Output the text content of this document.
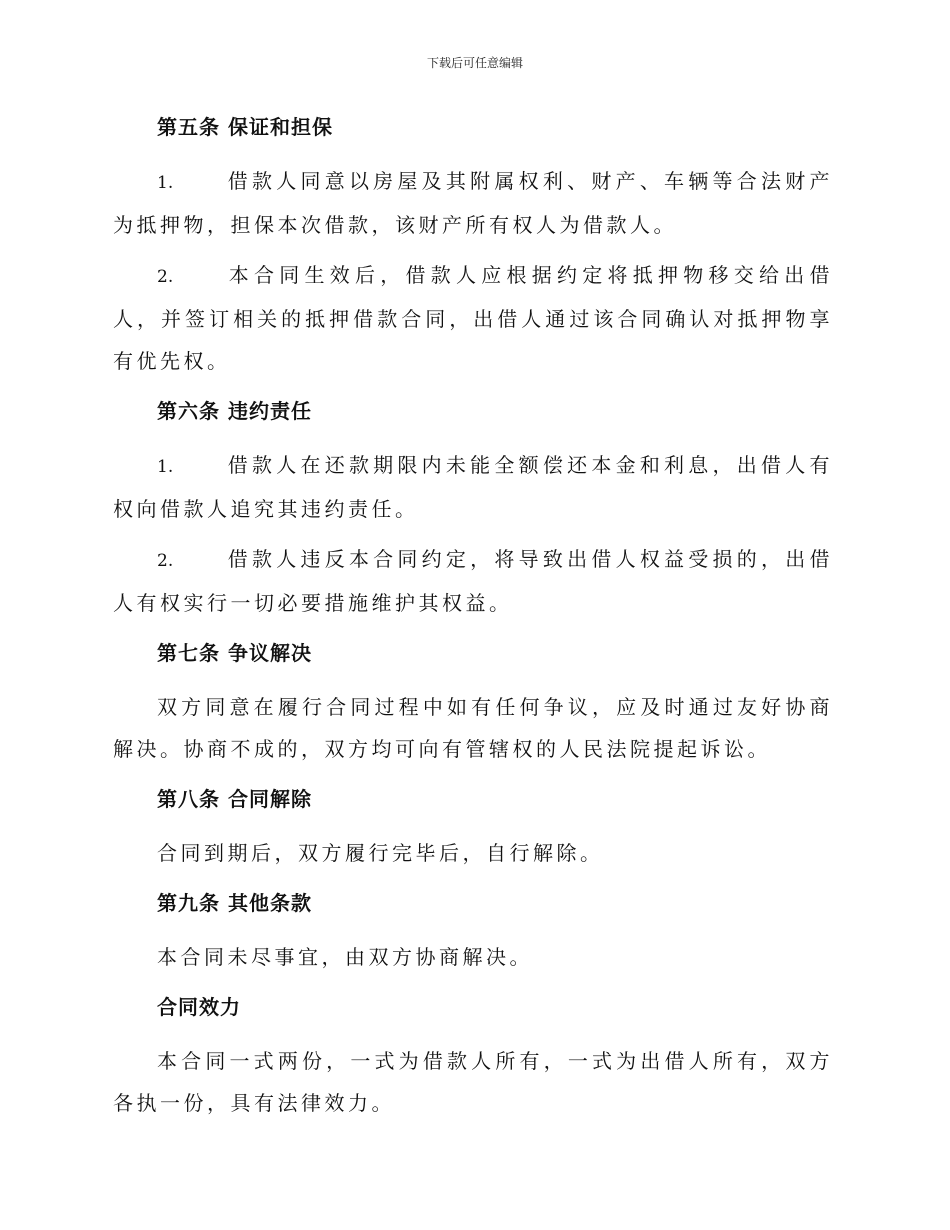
下载后可任意编辑

第五条 保证和担保

1.	借款人同意以房屋及其附属权利、财产、车辆等合法财产为抵押物，担保本次借款，该财产所有权人为借款人。

2.	本合同生效后，借款人应根据约定将抵押物移交给出借人，并签订相关的抵押借款合同，出借人通过该合同确认对抵押物享有优先权。

第六条 违约责任

1.	借款人在还款期限内未能全额偿还本金和利息，出借人有权向借款人追究其违约责任。

2.	借款人违反本合同约定，将导致出借人权益受损的，出借人有权实行一切必要措施维护其权益。

第七条 争议解决

双方同意在履行合同过程中如有任何争议，应及时通过友好协商解决。协商不成的，双方均可向有管辖权的人民法院提起诉讼。

第八条 合同解除

合同到期后，双方履行完毕后，自行解除。

第九条 其他条款

本合同未尽事宜，由双方协商解决。

合同效力

本合同一式两份，一式为借款人所有，一式为出借人所有，双方各执一份，具有法律效力。
